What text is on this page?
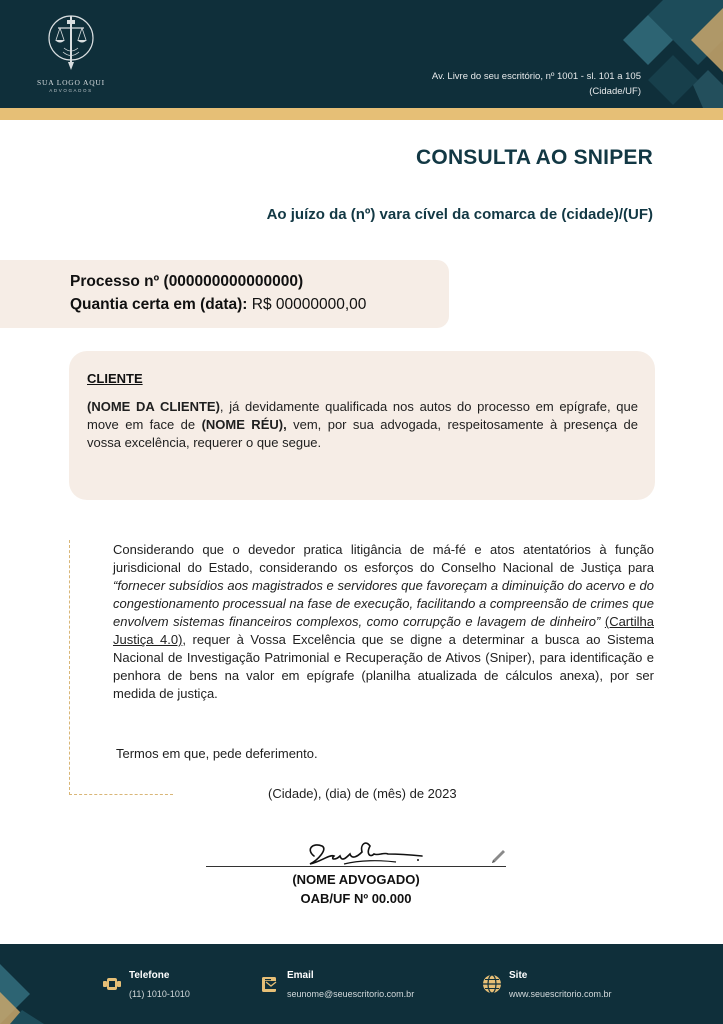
SUA LOGO AQUI
ADVOGADOS
Av. Livre do seu escritório, nº 1001 - sl. 101 a 105
(Cidade/UF)
CONSULTA AO SNIPER
Ao juízo da (nº) vara cível da comarca de (cidade)/(UF)
Processo nº (000000000000000)
Quantia certa em (data): R$ 00000000,00
CLIENTE

(NOME DA CLIENTE), já devidamente qualificada nos autos do processo em epígrafe, que move em face de (NOME RÉU), vem, por sua advogada, respeitosamente à presença de vossa excelência, requerer o que segue.

Considerando que o devedor pratica litigância de má-fé e atos atentatórios à função jurisdicional do Estado, considerando os esforços do Conselho Nacional de Justiça para “fornecer subsídios aos magistrados e servidores que favoreçam a diminuição do acervo e do congestionamento processual na fase de execução, facilitando a compreensão de crimes que envolvem sistemas financeiros complexos, como corrupção e lavagem de dinheiro” (Cartilha Justiça 4.0), requer à Vossa Excelência que se digne a determinar a busca ao Sistema Nacional de Investigação Patrimonial e Recuperação de Ativos (Sniper), para identificação e penhora de bens na valor em epígrafe (planilha atualizada de cálculos anexa), por ser medida de justiça.

Termos em que, pede deferimento.
(Cidade), (dia) de (mês) de 2023
(NOME ADVOGADO)
OAB/UF Nº 00.000
Telefone
(11) 1010-1010
Email
seunome@seuescritorio.com.br
Site
www.seuescritorio.com.br
